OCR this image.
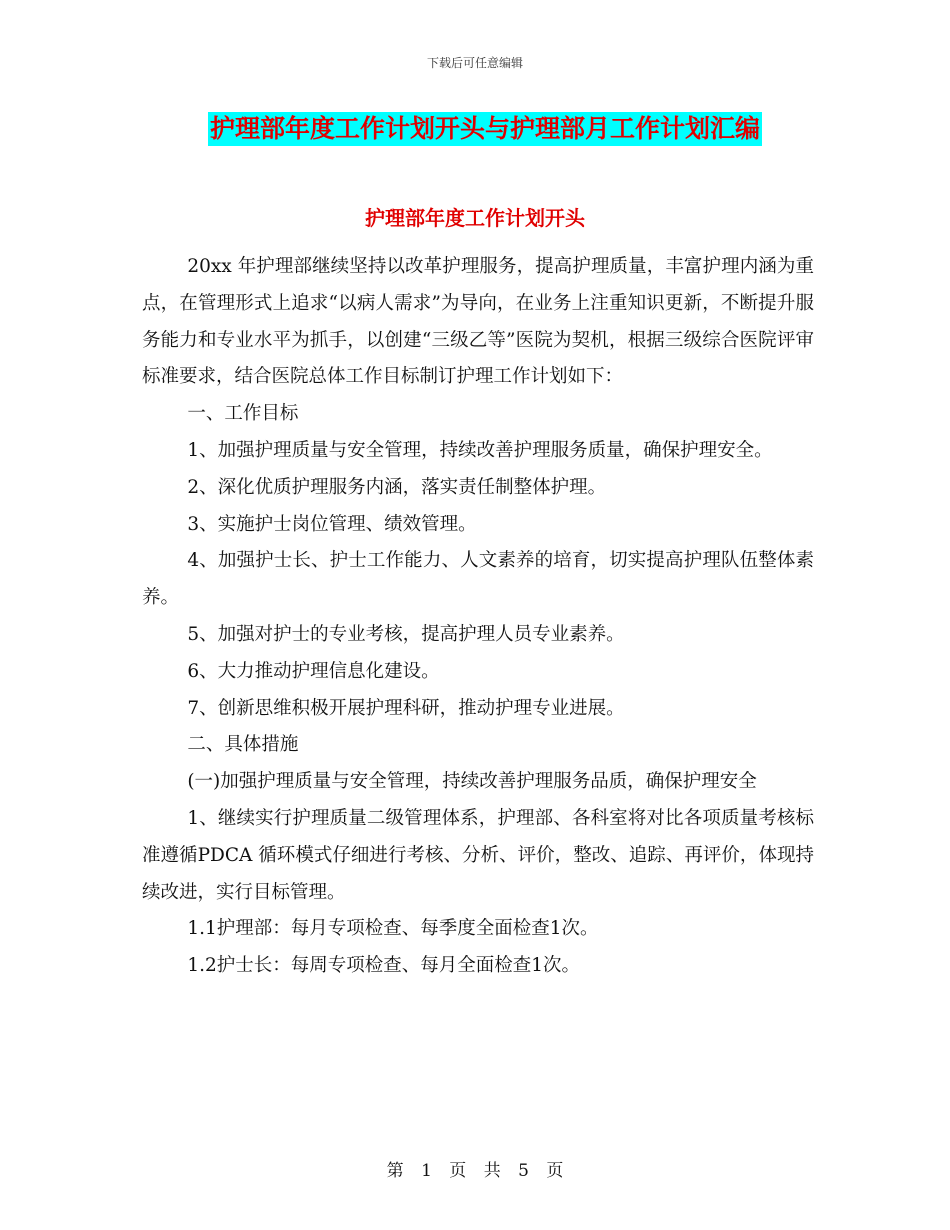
下载后可任意编辑
护理部年度工作计划开头与护理部月工作计划汇编
护理部年度工作计划开头

20xx 年护理部继续坚持以改革护理服务，提高护理质量，丰富护理内涵为重点，在管理形式上追求“以病人需求”为导向，在业务上注重知识更新，不断提升服务能力和专业水平为抓手，以创建“三级乙等”医院为契机，根据三级综合医院评审标准要求，结合医院总体工作目标制订护理工作计划如下：

一、工作目标

1、加强护理质量与安全管理，持续改善护理服务质量，确保护理安全。

2、深化优质护理服务内涵，落实责任制整体护理。

3、实施护士岗位管理、绩效管理。

4、加强护士长、护士工作能力、人文素养的培育，切实提高护理队伍整体素养。

5、加强对护士的专业考核，提高护理人员专业素养。

6、大力推动护理信息化建设。

7、创新思维积极开展护理科研，推动护理专业进展。

二、具体措施

(一)加强护理质量与安全管理，持续改善护理服务品质，确保护理安全

1、继续实行护理质量二级管理体系，护理部、各科室将对比各项质量考核标准遵循PDCA 循环模式仔细进行考核、分析、评价，整改、追踪、再评价，体现持续改进，实行目标管理。

1.1护理部：每月专项检查、每季度全面检查1次。

1.2护士长：每周专项检查、每月全面检查1次。

第 1 页 共 5 页
